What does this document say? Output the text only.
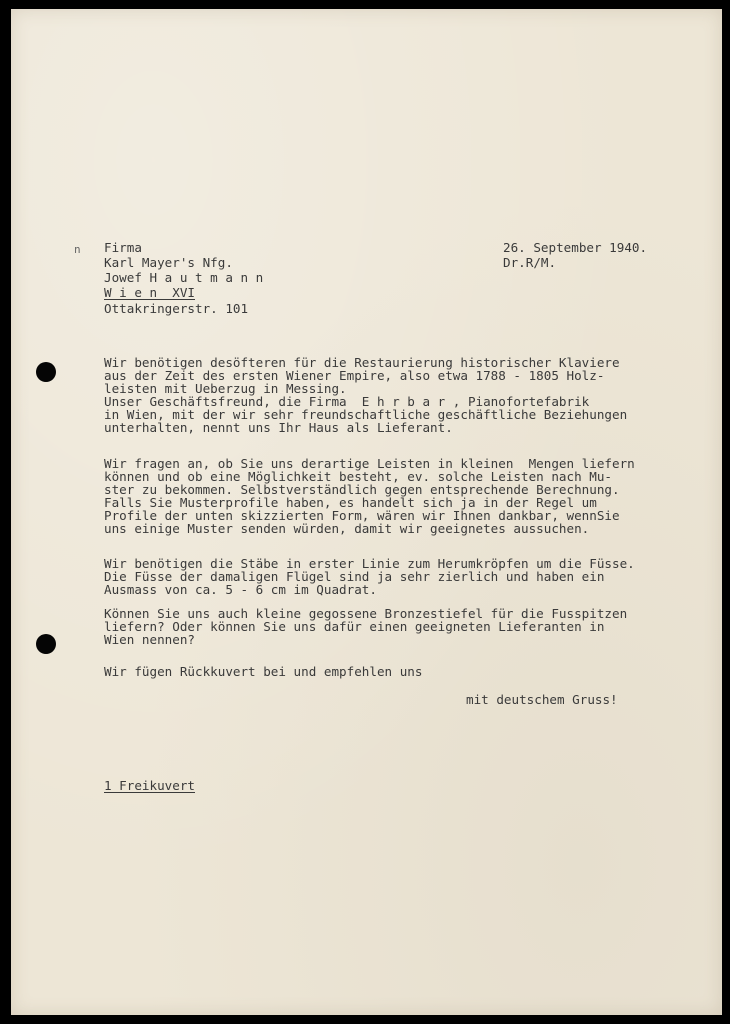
n Firma
Karl Mayer's Nfg.
Jowef H a u t m a n n
W i e n  XVI
Ottakringerstr. 101
26. September 1940.
Dr.R/M.
Wir benötigen desöfteren für die Restaurierung historischer Klaviere
aus der Zeit des ersten Wiener Empire, also etwa 1788 - 1805 Holz-
leisten mit Ueberzug in Messing.
Unser Geschäftsfreund, die Firma  E h r b a r , Pianofortefabrik
in Wien, mit der wir sehr freundschaftliche geschäftliche Beziehungen
unterhalten, nennt uns Ihr Haus als Lieferant.
Wir fragen an, ob Sie uns derartige Leisten in kleinen  Mengen liefern
können und ob eine Möglichkeit besteht, ev. solche Leisten nach Mu-
ster zu bekommen. Selbstverständlich gegen entsprechende Berechnung.
Falls Sie Musterprofile haben, es handelt sich ja in der Regel um
Profile der unten skizzierten Form, wären wir Ihnen dankbar, wennSie
uns einige Muster senden würden, damit wir geeignetes aussuchen.
Wir benötigen die Stäbe in erster Linie zum Herumkröpfen um die Füsse.
Die Füsse der damaligen Flügel sind ja sehr zierlich und haben ein
Ausmass von ca. 5 - 6 cm im Quadrat.
Können Sie uns auch kleine gegossene Bronzestiefel für die Fusspitzen
liefern? Oder können Sie uns dafür einen geeigneten Lieferanten in
Wien nennen?
Wir fügen Rückkuvert bei und empfehlen uns
mit deutschem Gruss!
1 Freikuvert
